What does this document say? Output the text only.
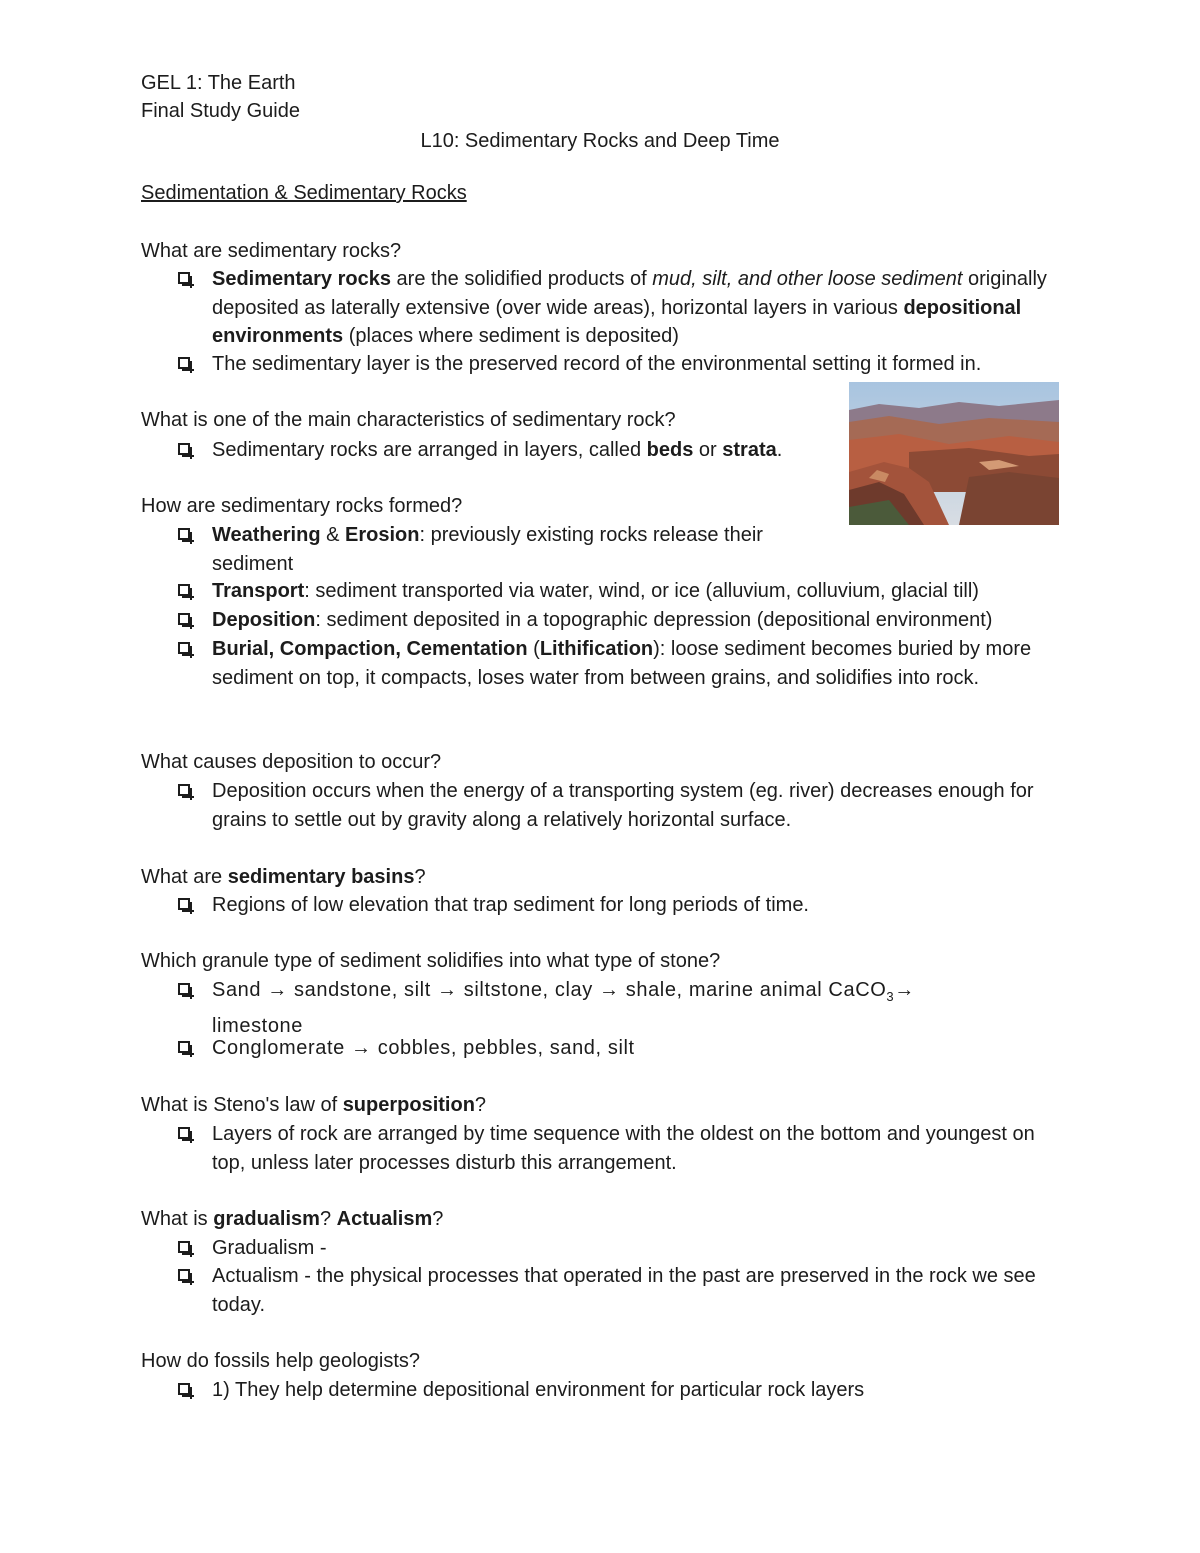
GEL 1: The Earth
Final Study Guide
L10: Sedimentary Rocks and Deep Time
Sedimentation & Sedimentary Rocks
What are sedimentary rocks?
Sedimentary rocks are the solidified products of mud, silt, and other loose sediment originally deposited as laterally extensive (over wide areas), horizontal layers in various depositional environments (places where sediment is deposited)
The sedimentary layer is the preserved record of the environmental setting it formed in.
What is one of the main characteristics of sedimentary rock?
Sedimentary rocks are arranged in layers, called beds or strata.
How are sedimentary rocks formed?
Weathering & Erosion: previously existing rocks release their
sediment
Transport: sediment transported via water, wind, or ice (alluvium, colluvium, glacial till)
Deposition: sediment deposited in a topographic depression (depositional environment)
Burial, Compaction, Cementation (Lithification): loose sediment becomes buried by more sediment on top, it compacts, loses water from between grains, and solidifies into rock.
What causes deposition to occur?
Deposition occurs when the energy of a transporting system (eg. river) decreases enough for grains to settle out by gravity along a relatively horizontal surface.
What are sedimentary basins?
Regions of low elevation that trap sediment for long periods of time.
Which granule type of sediment solidifies into what type of stone?
Sand → sandstone, silt → siltstone, clay → shale, marine animal CaCO$_3$→
limestone
Conglomerate → cobbles, pebbles, sand, silt
What is Steno's law of superposition?
Layers of rock are arranged by time sequence with the oldest on the bottom and youngest on top, unless later processes disturb this arrangement.
What is gradualism? Actualism?
Gradualism -
Actualism - the physical processes that operated in the past are preserved in the rock we see today.
How do fossils help geologists?
1) They help determine depositional environment for particular rock layers
